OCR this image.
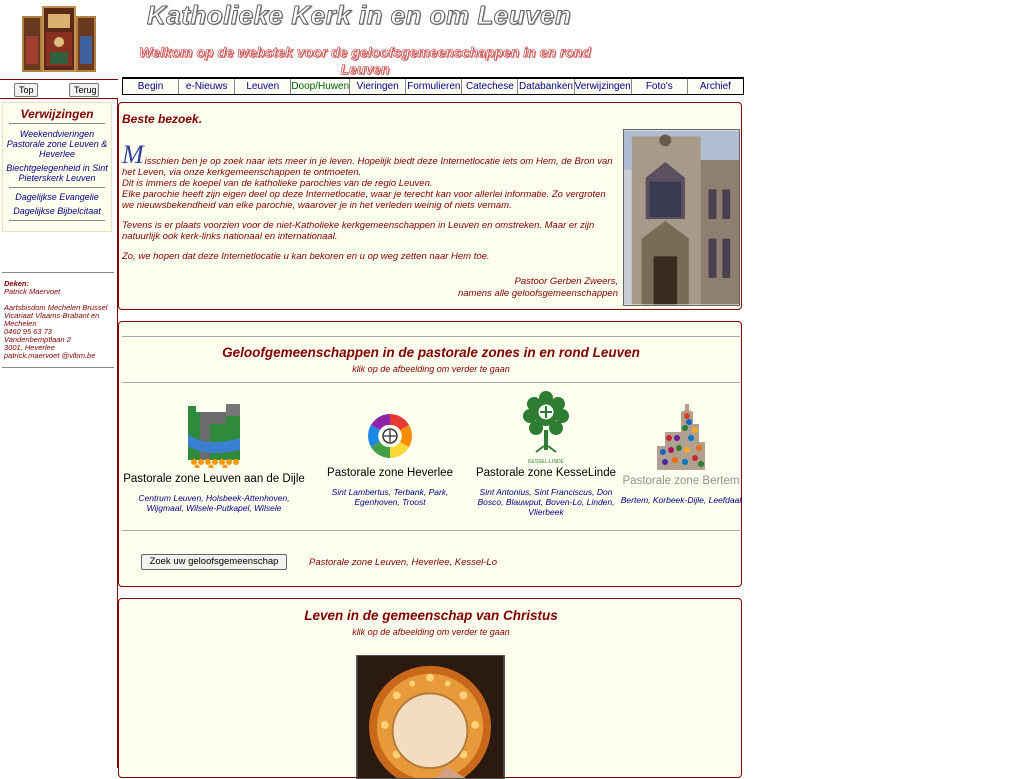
Katholieke Kerk in en om Leuven
Welkom op de webstek voor de geloofsgemeenschappen in en rond Leuven
Top	Terug	Begin	e-Nieuws	Leuven	Doop/Huwen Vieringen Formulieren Catechese Databanken Verwijzingen	Foto's	Archief
Verwijzingen
Weekendvieringen Pastorale zone Leuven & Heverlee
Biechtgelegenheid in Sint Pieterskerk Leuven
Dagelijkse Evangelie
Dagelijkse Bijbelcitaat
Deken:
Patrick Maervoet
Aartsbisdom Mechelen Brussel
Vicariaat Vlaams-Brabant en Mechelen
0460 95 63 73
Vandenbemptlaan 2
3001, Heverlee
patrick.maervoet @vlbm.be
Beste bezoek.

M isschien ben je op zoek naar iets meer in je leven. Hopelijk biedt deze Internetlocatie iets om Hem, de Bron van het Leven, via onze kerkgemeenschappen te ontmoeten.
Dit is immers de koepel van de katholieke parochies van de regio Leuven.
Elke parochie heeft zijn eigen deel op deze Internetlocatie, waar je terecht kan voor allerlei informatie. Zo vergroten we nieuwsbekendheid van elke parochie, waarover je in het verleden weinig of niets vernam.

Tevens is er plaats voorzien voor de niet-Katholieke kerkgemeenschappen in Leuven en omstreken. Maar er zijn natuurlijk ook kerk-links nationaal en internationaal.

Zo, we hopen dat deze Internetlocatie u kan bekoren en u op weg zetten naar Hem toe.

Pastoor Gerben Zweers,
namens alle geloofsgemeenschappen
Geloofgemeenschappen in de pastorale zones in en rond Leuven
klik op de afbeelding om verder te gaan
Pastorale zone Leuven aan de Dijle
Centrum Leuven, Holsbeek-Attenhoven, Wijgmaal, Wilsele-Putkapel, Wilsele
Pastorale zone Heverlee
Sint Lambertus, Terbank, Park, Egenhoven, Troost
KESSEL-LINDE
Pastorale zone KesseLinde
Sint Antonius, Sint Franciscus, Don Bosco, Blauwput, Boven-Lo, Linden, Vlierbeek
Pastorale zone Bertem
Bertem, Korbeek-Dijle, Leefdaal
Zoek uw geloofsgemeenschap	Pastorale zone Leuven, Heverlee, Kessel-Lo
Leven in de gemeenschap van Christus
klik op de afbeelding om verder te gaan
